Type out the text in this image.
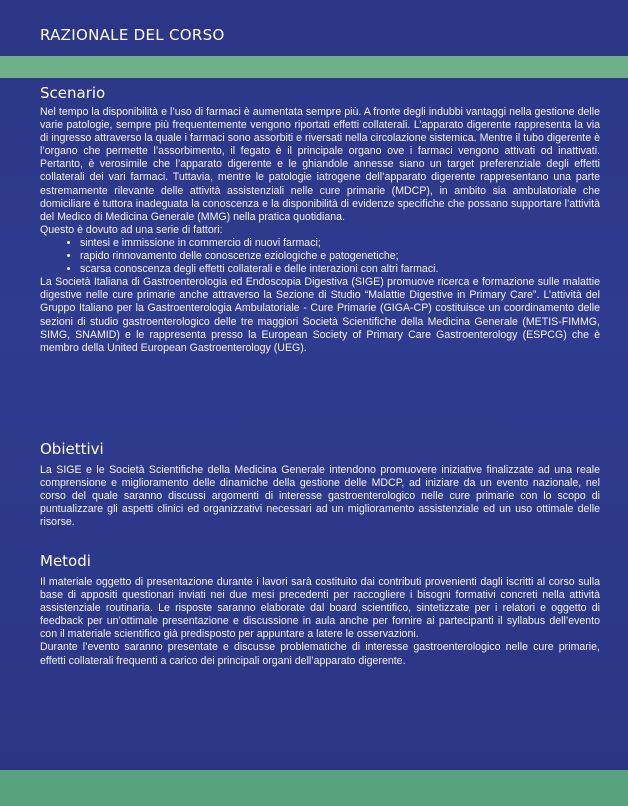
RAZIONALE DEL CORSO
Scenario

Nel tempo la disponibilità e l’uso di farmaci è aumentata sempre più. A fronte degli indubbi vantaggi nella gestione delle varie patologie, sempre più frequentemente vengono riportati effetti collaterali. L’apparato digerente rappresenta la via di ingresso attraverso la quale i farmaci sono assorbiti e riversati nella circolazione sistemica. Mentre il tubo digerente è l’organo che permette l’assorbimento, il fegato è il principale organo ove i farmaci vengono attivati od inattivati. Pertanto, è verosimile che l’apparato digerente e le ghiandole annesse siano un target preferenziale degli effetti collaterali dei vari farmaci. Tuttavia, mentre le patologie iatrogene dell’apparato digerente rappresentano una parte estremamente rilevante delle attività assistenziali nelle cure primarie (MDCP), in ambito sia ambulatoriale che domiciliare è tuttora inadeguata la conoscenza e la disponibilità di evidenze specifiche che possano supportare l’attività del Medico di Medicina Generale (MMG) nella pratica quotidiana.

Questo è dovuto ad una serie di fattori:

• sintesi e immissione in commercio di nuovi farmaci;
• rapido rinnovamento delle conoscenze eziologiche e patogenetiche;
• scarsa conoscenza degli effetti collaterali e delle interazioni con altri farmaci.

La Società Italiana di Gastroenterologia ed Endoscopia Digestiva (SIGE) promuove ricerca e formazione sulle malattie digestive nelle cure primarie anche attraverso la Sezione di Studio “Malattie Digestive in Primary Care”. L’attività del Gruppo Italiano per la Gastroenterologia Ambulatoriale - Cure Primarie (GIGA-CP) costituisce un coordinamento delle sezioni di studio gastroenterologico delle tre maggiori Società Scientifiche della Medicina Generale (METIS-FIMMG, SIMG, SNAMID) e le rappresenta presso la European Society of Primary Care Gastroenterology (ESPCG) che è membro della United European Gastroenterology (UEG).

Obiettivi

La SIGE e le Società Scientifiche della Medicina Generale intendono promuovere iniziative finalizzate ad una reale comprensione e miglioramento delle dinamiche della gestione delle MDCP, ad iniziare da un evento nazionale, nel corso del quale saranno discussi argomenti di interesse gastroenterologico nelle cure primarie con lo scopo di puntualizzare gli aspetti clinici ed organizzativi necessari ad un miglioramento assistenziale ed un uso ottimale delle risorse.

Metodi

Il materiale oggetto di presentazione durante i lavori sarà costituito dai contributi provenienti dagli iscritti al corso sulla base di appositi questionari inviati nei due mesi precedenti per raccogliere i bisogni formativi concreti nella attività assistenziale routinaria. Le risposte saranno elaborate dal board scientifico, sintetizzate per i relatori e oggetto di feedback per un’ottimale presentazione e discussione in aula anche per fornire ai partecipanti il syllabus dell’evento con il materiale scientifico già predisposto per appuntare a latere le osservazioni.

Durante l’evento saranno presentate e discusse problematiche di interesse gastroenterologico nelle cure primarie, effetti collaterali frequenti a carico dei principali organi dell’apparato digerente.
